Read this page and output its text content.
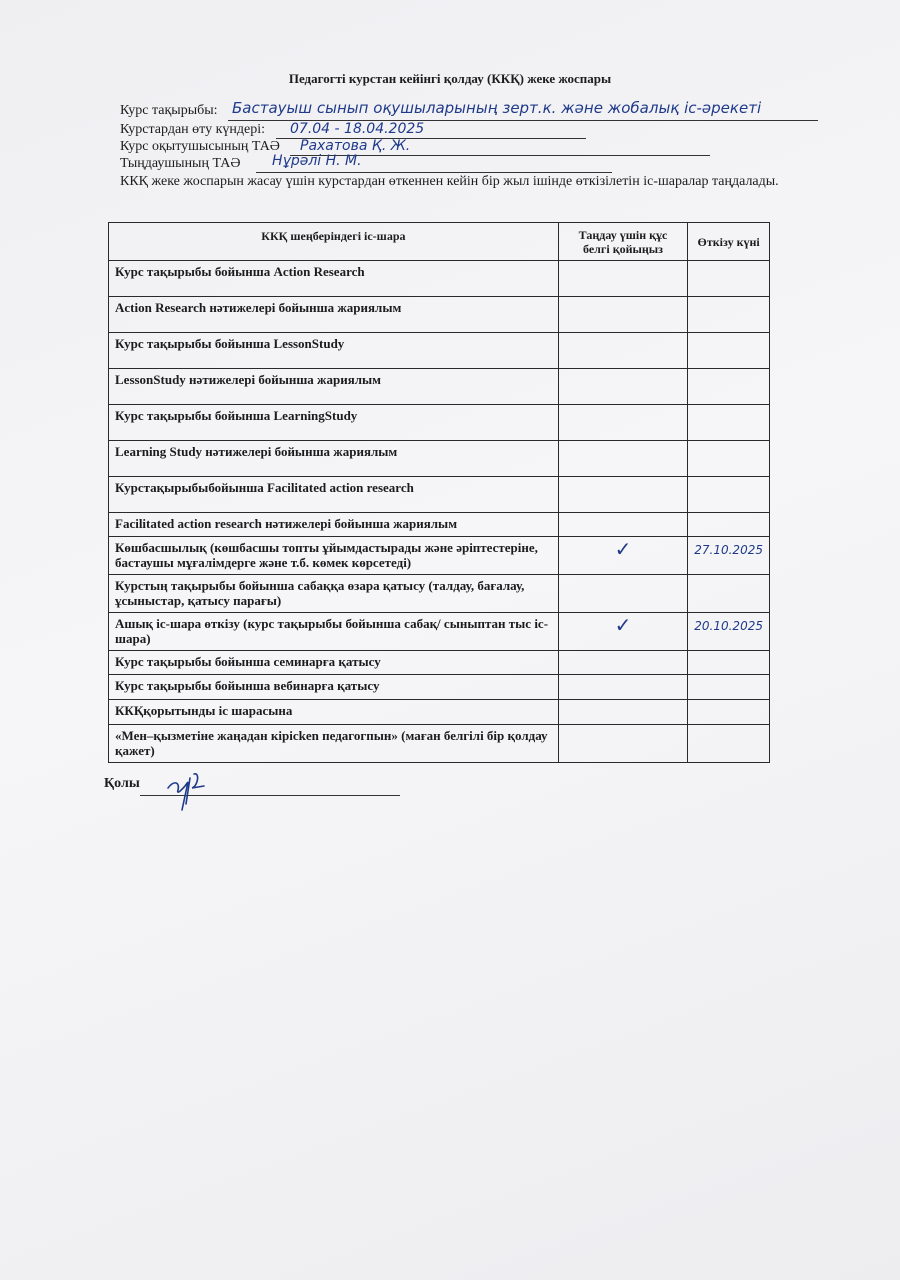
Педагогті курстан кейінгі қолдау (ККҚ) жеке жоспары
Курс тақырыбы: Бастауыш сынып оқушыларының зерт.к. және жобалық іс-әрекеті
Курстардан өту күндері: 07.04 - 18.04.2025
Курс оқытушысының ТАӘ Рахатова Қ. Ж.
Тыңдаушының ТАӘ Нұрәлі Н. М.
ККҚ жеке жоспарын жасау үшін курстардан өткеннен кейін бір жыл ішінде өткізілетін іс-шаралар таңдалады.
ККҚ шеңберіндегі іс-шара	Таңдау үшін құс белгі қойыңыз	Өткізу күні
Курс тақырыбы бойынша Action Research	

Action Research нәтижелері бойынша жариялым	

Курс тақырыбы бойынша LessonStudy	

LessonStudy нәтижелері бойынша жариялым	

Курс тақырыбы бойынша LearningStudy	

Learning Study нәтижелері бойынша жариялым	

Курстақырыбыбойынша Facilitated action research	

Facilitated action research нәтижелері бойынша жариялым	

Көшбасшылық (көшбасшы топты ұйымдастырады және әріптестеріне, бастаушы мұғалімдерге және т.б. көмек көрсетеді)	✓	27.10.2025

Курстың тақырыбы бойынша сабаққа өзара қатысу (талдау, бағалау, ұсыныстар, қатысу парағы)	

Ашық іс-шара өткізу (курс тақырыбы бойынша сабақ/ сыныптан тыс іс-шара)	✓	20.10.2025

Курс тақырыбы бойынша семинарға қатысу	

Курс тақырыбы бойынша вебинарға қатысу	

ККҚқорытынды іс шарасына	

«Мен–қызметіне жаңадан кірісken педагогпын» (маған белгілі бір қолдау қажет)	

Қолы
